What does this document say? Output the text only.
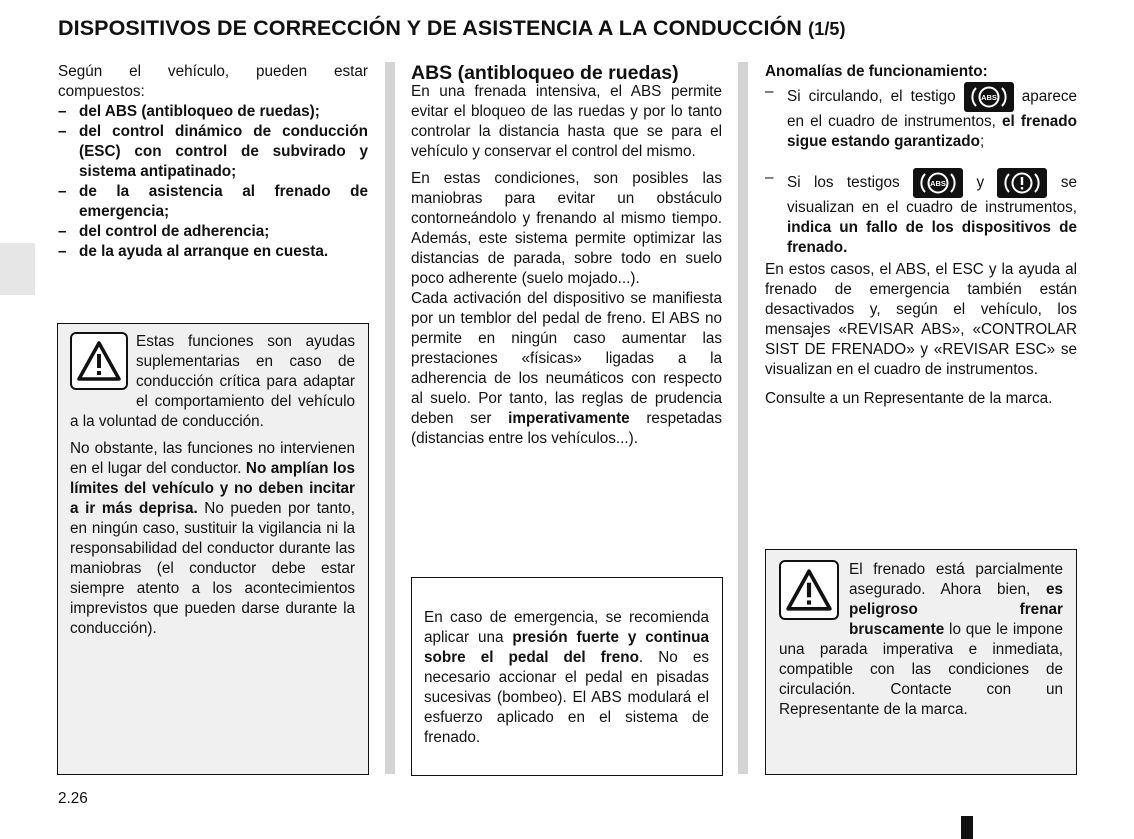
DISPOSITIVOS DE CORRECCIÓN Y DE ASISTENCIA A LA CONDUCCIÓN (1/5)

Según el vehículo, pueden estar compuestos:

– del ABS (antibloqueo de ruedas);
– del control dinámico de conducción (ESC) con control de subvirado y sistema antipatinado;
– de la asistencia al frenado de emergencia;
– del control de adherencia;
– de la ayuda al arranque en cuesta.

Estas funciones son ayudas suplementarias en caso de conducción crítica para adaptar el comportamiento del vehículo a la voluntad de conducción.

No obstante, las funciones no intervienen en el lugar del conductor. No amplían los límites del vehículo y no deben incitar a ir más deprisa. No pueden por tanto, en ningún caso, sustituir la vigilancia ni la responsabilidad del conductor durante las maniobras (el conductor debe estar siempre atento a los acontecimientos imprevistos que pueden darse durante la conducción).

ABS (antibloqueo de ruedas)

En una frenada intensiva, el ABS permite evitar el bloqueo de las ruedas y por lo tanto controlar la distancia hasta que se para el vehículo y conservar el control del mismo.

En estas condiciones, son posibles las maniobras para evitar un obstáculo contorneándolo y frenando al mismo tiempo. Además, este sistema permite optimizar las distancias de parada, sobre todo en suelo poco adherente (suelo mojado...).

Cada activación del dispositivo se manifiesta por un temblor del pedal de freno. El ABS no permite en ningún caso aumentar las prestaciones «físicas» ligadas a la adherencia de los neumáticos con respecto al suelo. Por tanto, las reglas de prudencia deben ser imperativamente respetadas (distancias entre los vehículos...).

En caso de emergencia, se recomienda aplicar una presión fuerte y continua sobre el pedal del freno. No es necesario accionar el pedal en pisadas sucesivas (bombeo). El ABS modulará el esfuerzo aplicado en el sistema de frenado.

Anomalías de funcionamiento:
– Si circulando, el testigo	ABS aparece en el cuadro de instrumentos, el frenado sigue estando garantizado;
– Si los testigos	ABS y	se visualizan en el cuadro de instrumentos, indica un fallo de los dispositivos de frenado.

En estos casos, el ABS, el ESC y la ayuda al frenado de emergencia también están desactivados y, según el vehículo, los mensajes «REVISAR ABS», «CONTROLAR SIST DE FRENADO» y «REVISAR ESC» se visualizan en el cuadro de instrumentos.

Consulte a un Representante de la marca.

El frenado está parcialmente asegurado. Ahora bien, es peligroso frenar bruscamente lo que le impone una parada imperativa e inmediata, compatible con las condiciones de circulación. Contacte con un Representante de la marca.

2.26
